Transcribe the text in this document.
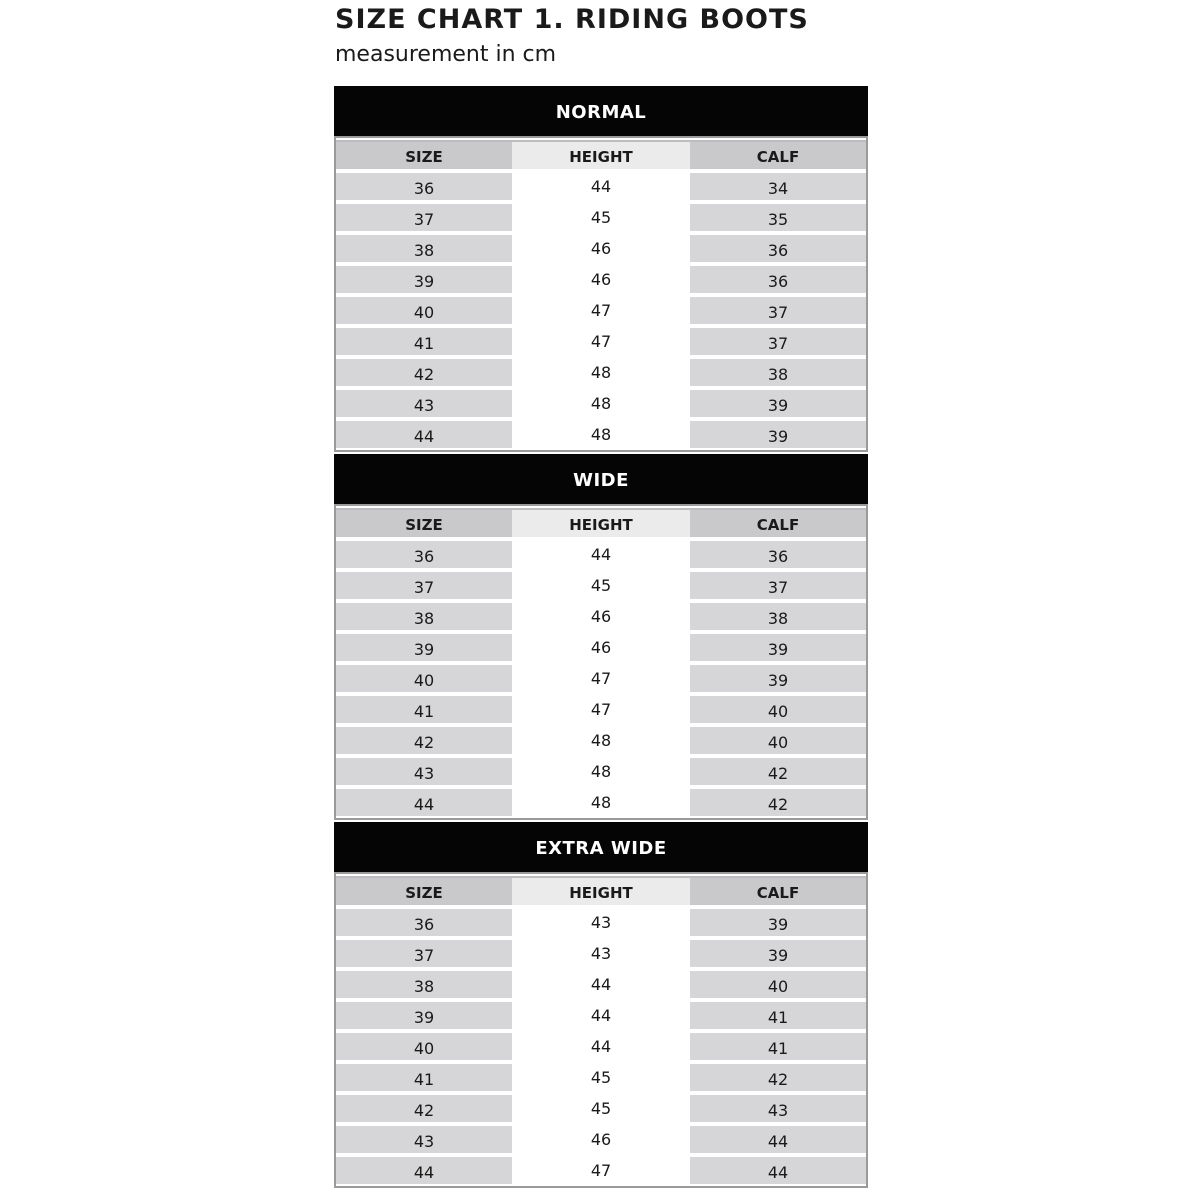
SIZE CHART 1. RIDING BOOTS

measurement in cm

NORMAL
SIZE	HEIGHT	CALF
36	44	34
37	45	35
38	46	36
39	46	36
40	47	37
41	47	37
42	48	38
43	48	39
44	48	39
WIDE
SIZE	HEIGHT	CALF
36	44	36
37	45	37
38	46	38
39	46	39
40	47	39
41	47	40
42	48	40
43	48	42
44	48	42
EXTRA WIDE
SIZE	HEIGHT	CALF
36	43	39
37	43	39
38	44	40
39	44	41
40	44	41
41	45	42
42	45	43
43	46	44
44	47	44
